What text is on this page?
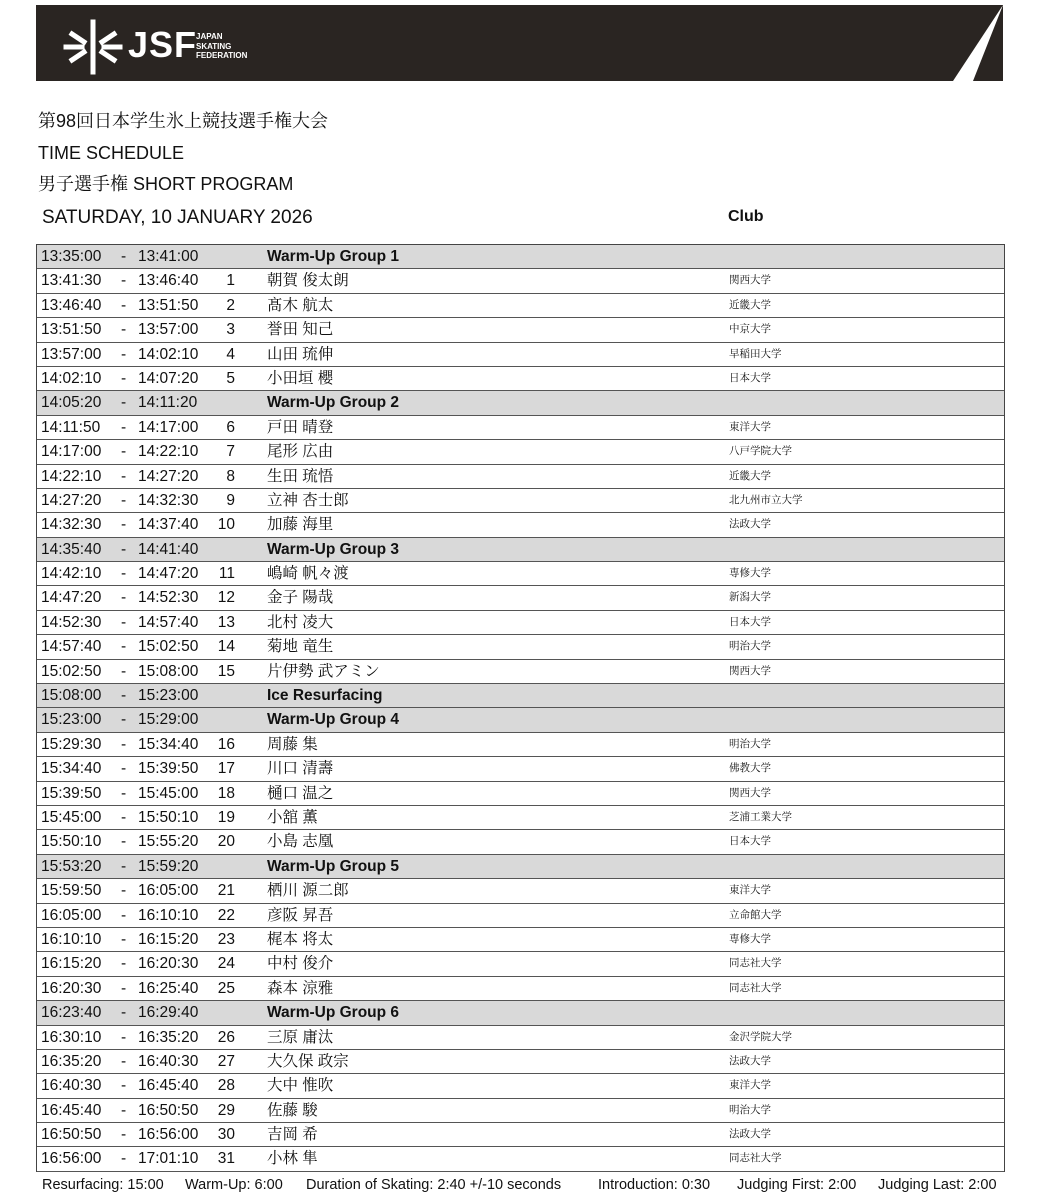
JSF
JAPAN
SKATING
FEDERATION
第98回日本学生氷上競技選手権大会
TIME SCHEDULE
男子選手権 SHORT PROGRAM
SATURDAY, 10 JANUARY 2026	Club
13:35:00 - 13:41:00	Warm-Up Group 1
13:41:30 - 13:46:40	1 朝賀 俊太朗	関西大学
13:46:40 - 13:51:50	2 髙木 航太	近畿大学
13:51:50 - 13:57:00	3 誉田 知己	中京大学
13:57:00 - 14:02:10	4 山田 琉伸	早稲田大学
14:02:10 - 14:07:20	5 小田垣 櫻	日本大学
14:05:20 - 14:11:20	Warm-Up Group 2
14:11:50 - 14:17:00	6 戸田 晴登	東洋大学
14:17:00 - 14:22:10	7 尾形 広由	八戸学院大学
14:22:10 - 14:27:20	8 生田 琉悟	近畿大学
14:27:20 - 14:32:30	9 立神 杏士郎	北九州市立大学
14:32:30 - 14:37:40	10 加藤 海里	法政大学
14:35:40 - 14:41:40	Warm-Up Group 3
14:42:10 - 14:47:20	11 嶋崎 帆々渡	専修大学
14:47:20 - 14:52:30	12 金子 陽哉	新潟大学
14:52:30 - 14:57:40	13 北村 凌大	日本大学
14:57:40 - 15:02:50	14 菊地 竜生	明治大学
15:02:50 - 15:08:00	15 片伊勢 武アミン	関西大学
15:08:00 - 15:23:00	Ice Resurfacing
15:23:00 - 15:29:00	Warm-Up Group 4
15:29:30 - 15:34:40	16 周藤 集	明治大学
15:34:40 - 15:39:50	17 川口 清壽	佛教大学
15:39:50 - 15:45:00	18 樋口 温之	関西大学
15:45:00 - 15:50:10	19 小舘 薫	芝浦工業大学
15:50:10 - 15:55:20	20 小島 志凰	日本大学
15:53:20 - 15:59:20	Warm-Up Group 5
15:59:50 - 16:05:00	21 栖川 源二郎	東洋大学
16:05:00 - 16:10:10	22 彦阪 昇吾	立命館大学
16:10:10 - 16:15:20	23 梶本 将太	専修大学
16:15:20 - 16:20:30	24 中村 俊介	同志社大学
16:20:30 - 16:25:40	25 森本 涼雅	同志社大学
16:23:40 - 16:29:40	Warm-Up Group 6
16:30:10 - 16:35:20	26 三原 庸汰	金沢学院大学
16:35:20 - 16:40:30	27 大久保 政宗	法政大学
16:40:30 - 16:45:40	28 大中 惟吹	東洋大学
16:45:40 - 16:50:50	29 佐藤 駿	明治大学
16:50:50 - 16:56:00	30 吉岡 希	法政大学
16:56:00 - 17:01:10	31 小林 隼	同志社大学
Resurfacing: 15:00 Warm-Up: 6:00 Duration of Skating: 2:40 +/-10 seconds	Introduction: 0:30 Judging First: 2:00 Judging Last: 2:00
